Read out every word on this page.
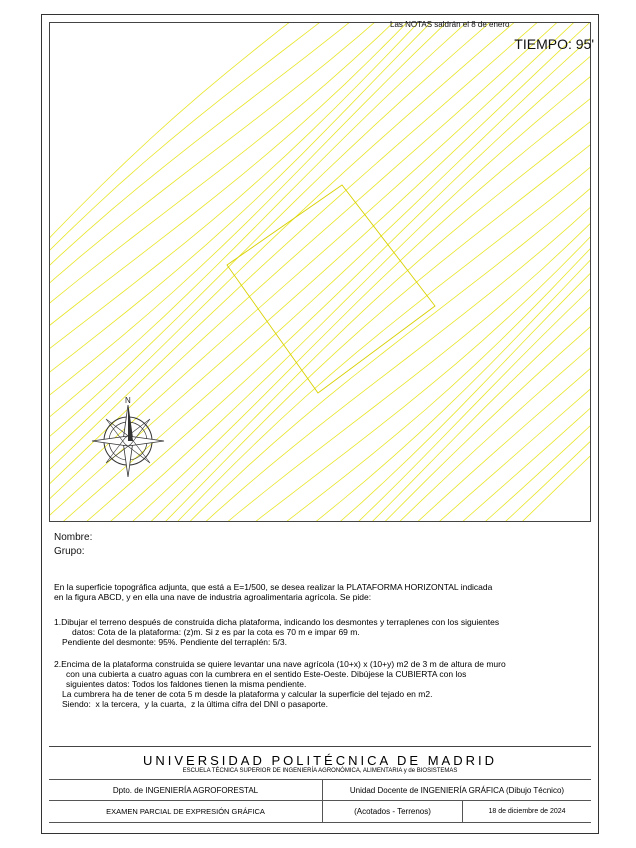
N
Las NOTAS saldrán el 8 de enero
TIEMPO: 95'
Nombre:
Grupo:
En la superficie topográfica adjunta, que está a E=1/500, se desea realizar la PLATAFORMA HORIZONTAL indicada
en la figura ABCD, y en ella una nave de industria agroalimentaria agrícola. Se pide:
1.Dibujar el terreno después de construida dicha plataforma, indicando los desmontes y terraplenes con los siguientes
datos: Cota de la plataforma: (z)m. Si z es par la cota es 70 m e impar 69 m.
Pendiente del desmonte: 95%. Pendiente del terraplén: 5/3.
2.Encima de la plataforma construida se quiere levantar una nave agrícola (10+x) x (10+y) m2 de 3 m de altura de muro
con una cubierta a cuatro aguas con la cumbrera en el sentido Este-Oeste. Dibújese la CUBIERTA con los
siguientes datos: Todos los faldones tienen la misma pendiente.
La cumbrera ha de tener de cota 5 m desde la plataforma y calcular la superficie del tejado en m2.
Siendo:  x la tercera,  y la cuarta,  z la última cifra del DNI o pasaporte.
UNIVERSIDAD POLITÉCNICA DE MADRID
ESCUELA TÉCNICA SUPERIOR DE INGENIERÍA AGRONÓMICA, ALIMENTARIA y de BIOSISTEMAS
Dpto. de INGENIERÍA AGROFORESTAL	Unidad Docente de INGENIERÍA GRÁFICA (Dibujo Técnico)
EXAMEN PARCIAL DE EXPRESIÓN GRÁFICA	(Acotados - Terrenos)	18 de diciembre de 2024
